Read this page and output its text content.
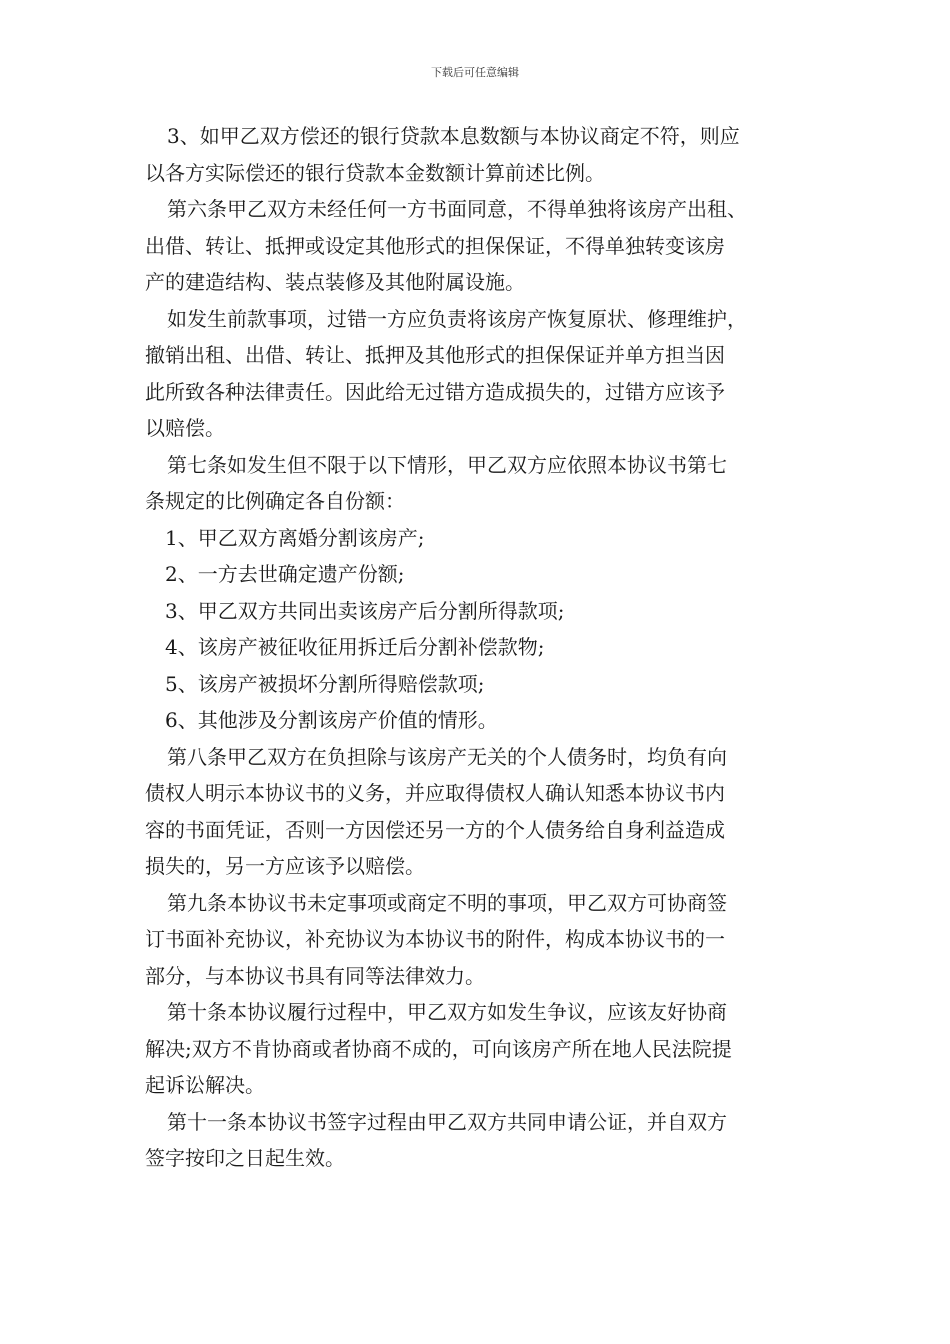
下载后可任意编辑

3、如甲乙双方偿还的银行贷款本息数额与本协议商定不符，则应
以各方实际偿还的银行贷款本金数额计算前述比例。

第六条甲乙双方未经任何一方书面同意，不得单独将该房产出租、
出借、转让、抵押或设定其他形式的担保保证，不得单独转变该房
产的建造结构、装点装修及其他附属设施。

如发生前款事项，过错一方应负责将该房产恢复原状、修理维护，
撤销出租、出借、转让、抵押及其他形式的担保保证并单方担当因
此所致各种法律责任。因此给无过错方造成损失的，过错方应该予
以赔偿。

第七条如发生但不限于以下情形，甲乙双方应依照本协议书第七
条规定的比例确定各自份额：

1、甲乙双方离婚分割该房产;

2、一方去世确定遗产份额;

3、甲乙双方共同出卖该房产后分割所得款项;

4、该房产被征收征用拆迁后分割补偿款物;

5、该房产被损坏分割所得赔偿款项;

6、其他涉及分割该房产价值的情形。

第八条甲乙双方在负担除与该房产无关的个人债务时，均负有向
债权人明示本协议书的义务，并应取得债权人确认知悉本协议书内
容的书面凭证，否则一方因偿还另一方的个人债务给自身利益造成
损失的，另一方应该予以赔偿。

第九条本协议书未定事项或商定不明的事项，甲乙双方可协商签
订书面补充协议，补充协议为本协议书的附件，构成本协议书的一
部分，与本协议书具有同等法律效力。

第十条本协议履行过程中，甲乙双方如发生争议，应该友好协商
解决;双方不肯协商或者协商不成的，可向该房产所在地人民法院提
起诉讼解决。

第十一条本协议书签字过程由甲乙双方共同申请公证，并自双方
签字按印之日起生效。
